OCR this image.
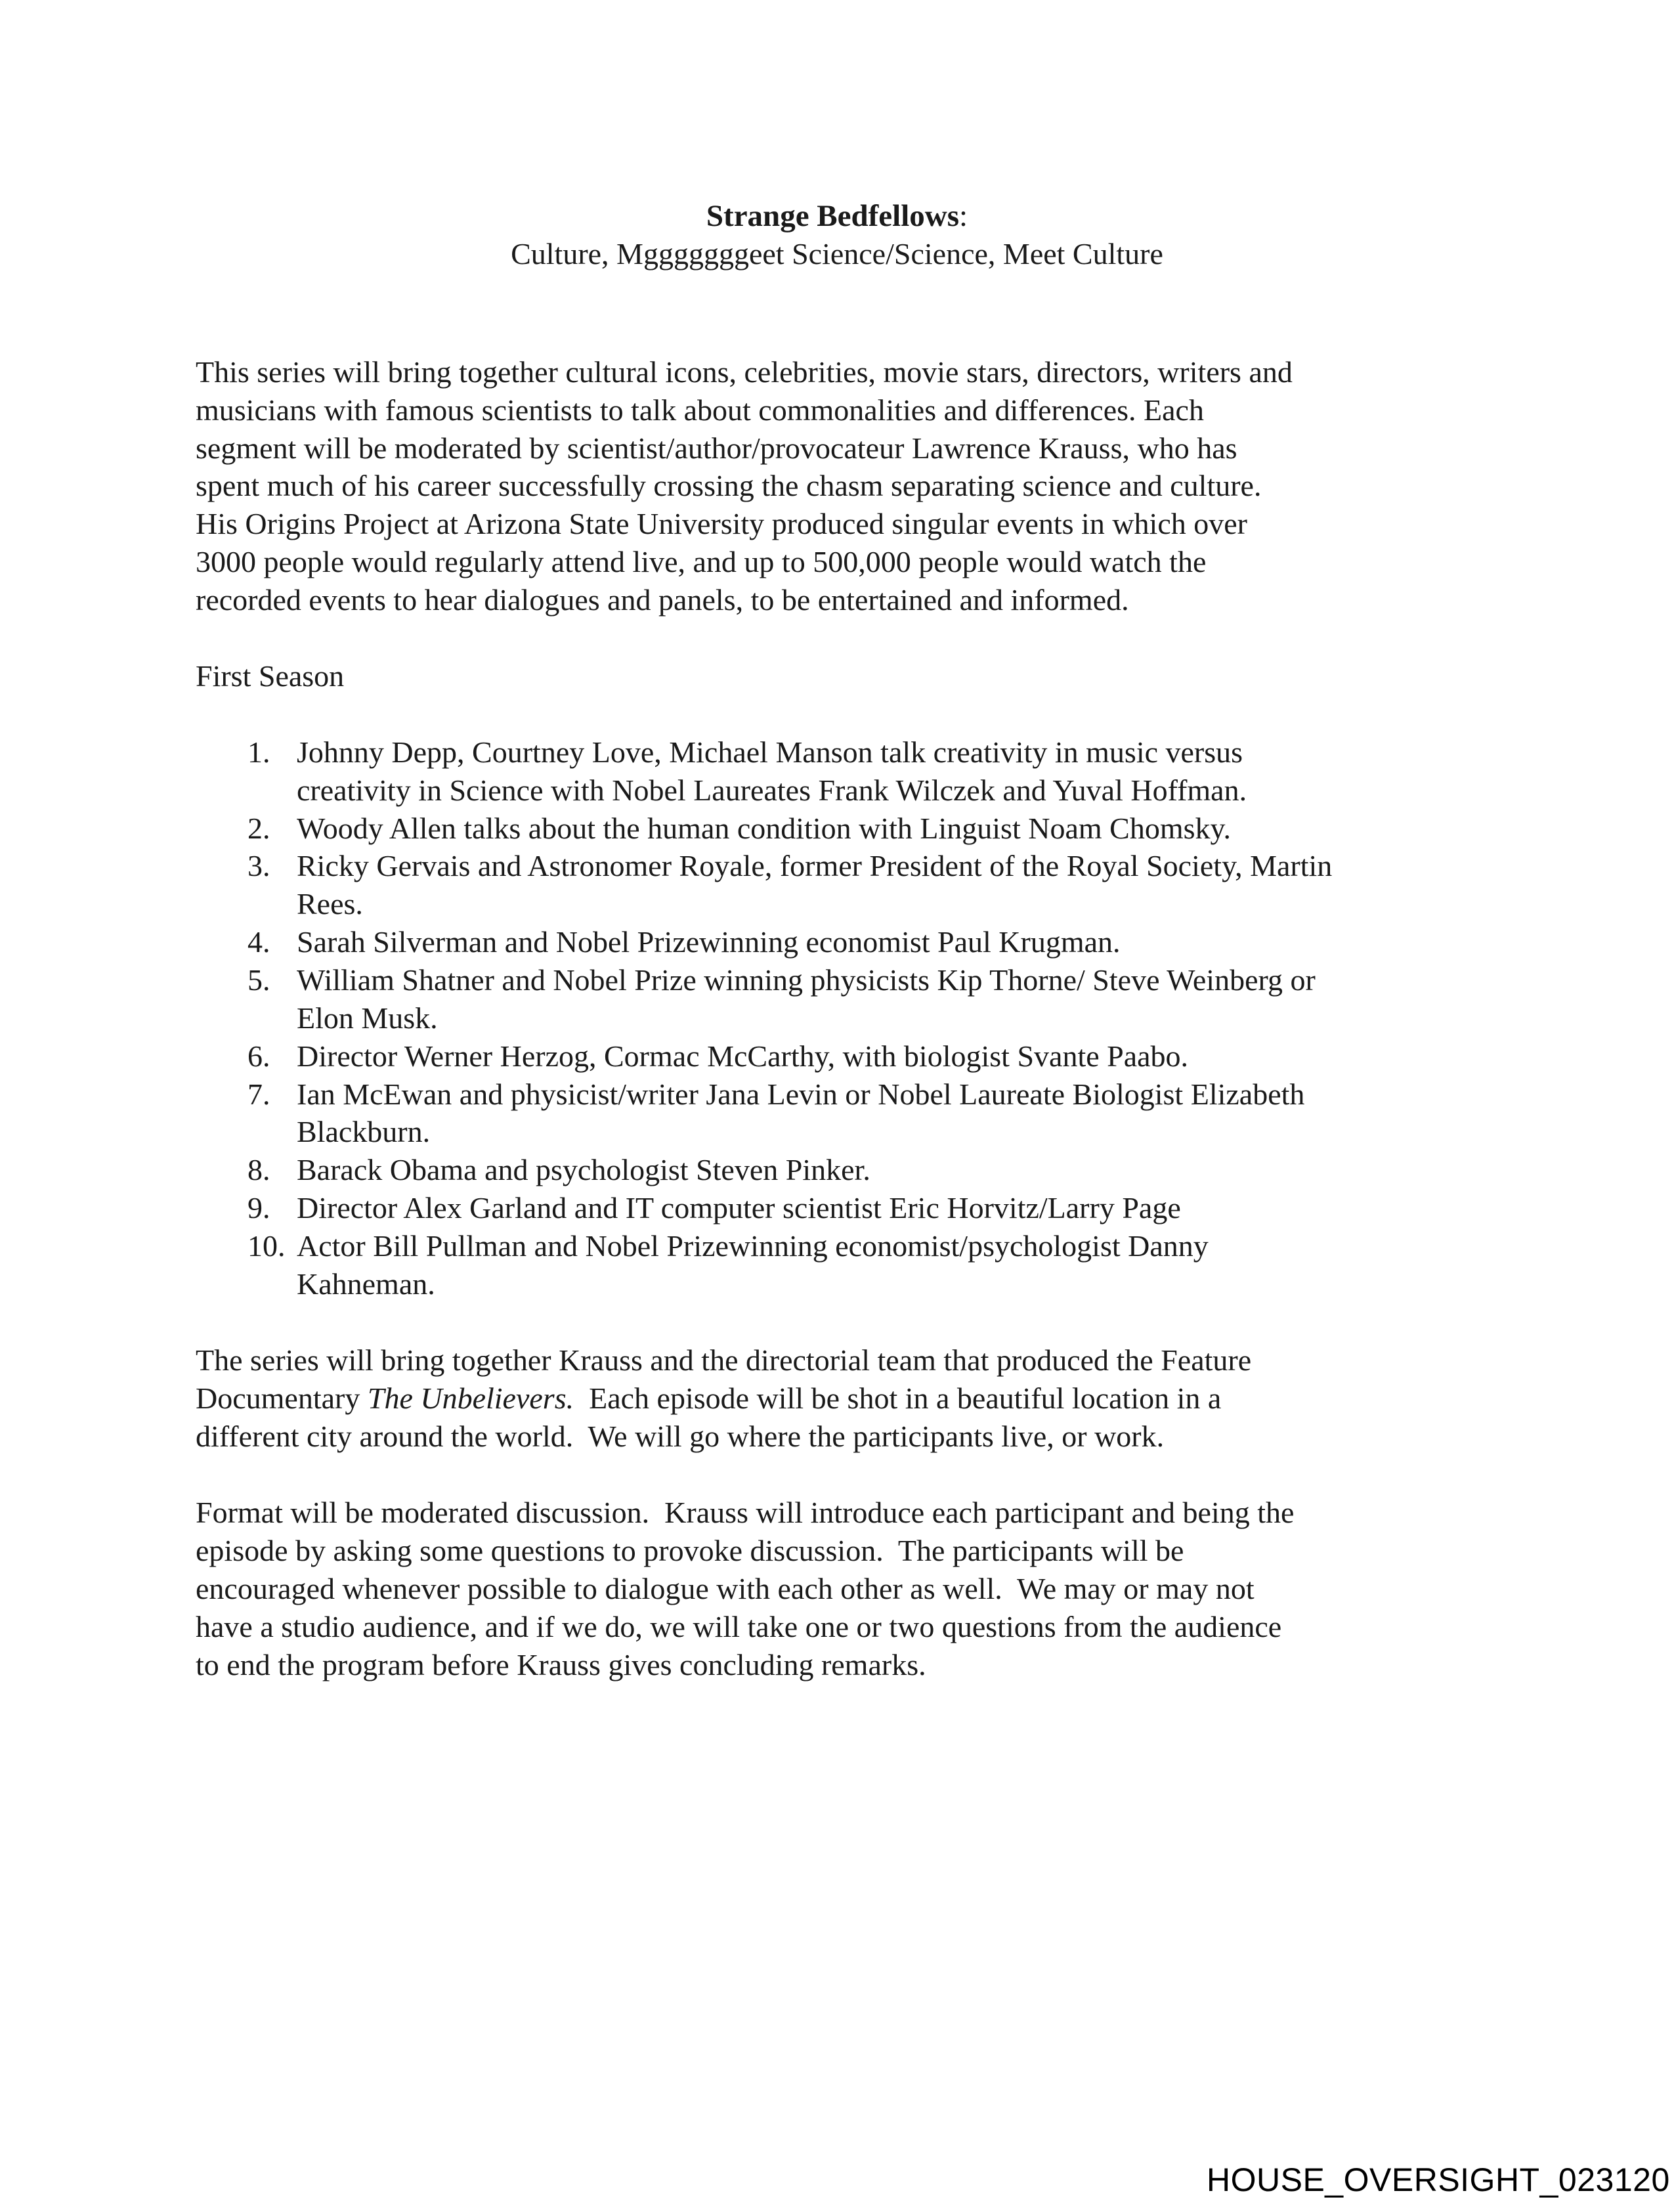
Strange Bedfellows:
Culture, Mgggggggeet Science/Science, Meet Culture
This series will bring together cultural icons, celebrities, movie stars, directors, writers and
musicians with famous scientists to talk about commonalities and differences. Each
segment will be moderated by scientist/author/provocateur Lawrence Krauss, who has
spent much of his career successfully crossing the chasm separating science and culture.
His Origins Project at Arizona State University produced singular events in which over
3000 people would regularly attend live, and up to 500,000 people would watch the
recorded events to hear dialogues and panels, to be entertained and informed.
First Season
1. Johnny Depp, Courtney Love, Michael Manson talk creativity in music versus
creativity in Science with Nobel Laureates Frank Wilczek and Yuval Hoffman.
2. Woody Allen talks about the human condition with Linguist Noam Chomsky.
3. Ricky Gervais and Astronomer Royale, former President of the Royal Society, Martin
Rees.
4. Sarah Silverman and Nobel Prizewinning economist Paul Krugman.
5. William Shatner and Nobel Prize winning physicists Kip Thorne/ Steve Weinberg or
Elon Musk.
6. Director Werner Herzog, Cormac McCarthy, with biologist Svante Paabo.
7. Ian McEwan and physicist/writer Jana Levin or Nobel Laureate Biologist Elizabeth
Blackburn.
8. Barack Obama and psychologist Steven Pinker.
9. Director Alex Garland and IT computer scientist Eric Horvitz/Larry Page
10. Actor Bill Pullman and Nobel Prizewinning economist/psychologist Danny
Kahneman.
The series will bring together Krauss and the directorial team that produced the Feature
Documentary The Unbelievers.  Each episode will be shot in a beautiful location in a
different city around the world.  We will go where the participants live, or work.
Format will be moderated discussion.  Krauss will introduce each participant and being the
episode by asking some questions to provoke discussion.  The participants will be
encouraged whenever possible to dialogue with each other as well.  We may or may not
have a studio audience, and if we do, we will take one or two questions from the audience
to end the program before Krauss gives concluding remarks.
HOUSE_OVERSIGHT_023120
